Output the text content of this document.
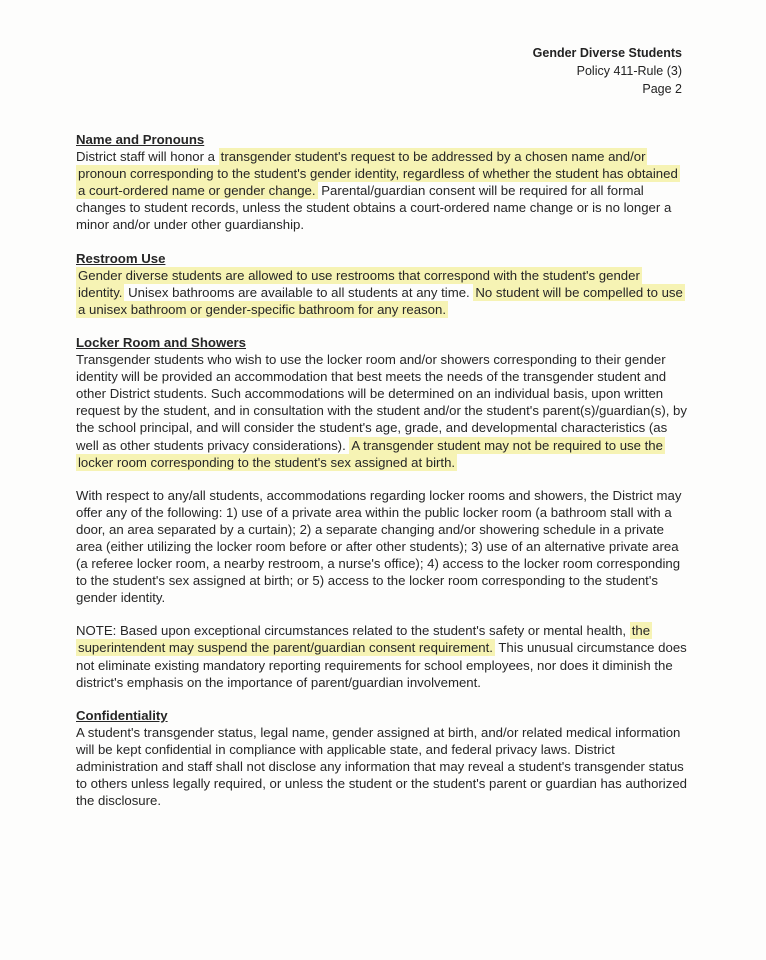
Gender Diverse Students
Policy 411-Rule (3)
Page 2

Name and Pronouns

District staff will honor a transgender student's request to be addressed by a chosen name and/or pronoun corresponding to the student's gender identity, regardless of whether the student has obtained a court-ordered name or gender change. Parental/guardian consent will be required for all formal changes to student records, unless the student obtains a court-ordered name change or is no longer a minor and/or under other guardianship.

Restroom Use

Gender diverse students are allowed to use restrooms that correspond with the student's gender identity. Unisex bathrooms are available to all students at any time. No student will be compelled to use a unisex bathroom or gender-specific bathroom for any reason.

Locker Room and Showers

Transgender students who wish to use the locker room and/or showers corresponding to their gender identity will be provided an accommodation that best meets the needs of the transgender student and other District students. Such accommodations will be determined on an individual basis, upon written request by the student, and in consultation with the student and/or the student's parent(s)/guardian(s), by the school principal, and will consider the student's age, grade, and developmental characteristics (as well as other students privacy considerations). A transgender student may not be required to use the locker room corresponding to the student's sex assigned at birth.

With respect to any/all students, accommodations regarding locker rooms and showers, the District may offer any of the following: 1) use of a private area within the public locker room (a bathroom stall with a door, an area separated by a curtain); 2) a separate changing and/or showering schedule in a private area (either utilizing the locker room before or after other students); 3) use of an alternative private area (a referee locker room, a nearby restroom, a nurse's office); 4) access to the locker room corresponding to the student's sex assigned at birth; or 5) access to the locker room corresponding to the student's gender identity.

NOTE: Based upon exceptional circumstances related to the student's safety or mental health, the superintendent may suspend the parent/guardian consent requirement. This unusual circumstance does not eliminate existing mandatory reporting requirements for school employees, nor does it diminish the district's emphasis on the importance of parent/guardian involvement.

Confidentiality

A student's transgender status, legal name, gender assigned at birth, and/or related medical information will be kept confidential in compliance with applicable state, and federal privacy laws. District administration and staff shall not disclose any information that may reveal a student's transgender status to others unless legally required, or unless the student or the student's parent or guardian has authorized the disclosure.
